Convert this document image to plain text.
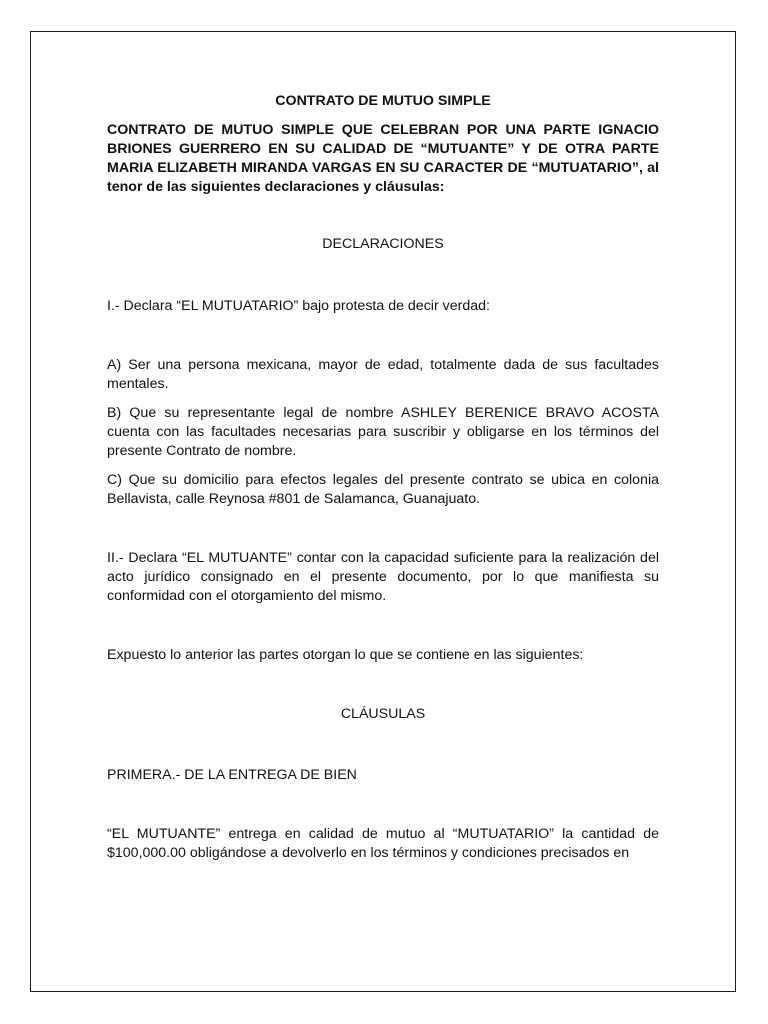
CONTRATO DE MUTUO SIMPLE

CONTRATO DE MUTUO SIMPLE QUE CELEBRAN POR UNA PARTE IGNACIO BRIONES GUERRERO EN SU CALIDAD DE “MUTUANTE” Y DE OTRA PARTE MARIA ELIZABETH MIRANDA VARGAS EN SU CARACTER DE “MUTUATARIO”, al tenor de las siguientes declaraciones y cláusulas:

DECLARACIONES

I.- Declara “EL MUTUATARIO” bajo protesta de decir verdad:

A) Ser una persona mexicana, mayor de edad, totalmente dada de sus facultades mentales.

B) Que su representante legal de nombre ASHLEY BERENICE BRAVO ACOSTA cuenta con las facultades necesarias para suscribir y obligarse en los términos del presente Contrato de nombre.

C) Que su domicilio para efectos legales del presente contrato se ubica en colonia Bellavista, calle Reynosa #801 de Salamanca, Guanajuato.

II.- Declara “EL MUTUANTE” contar con la capacidad suficiente para la realización del acto jurídico consignado en el presente documento, por lo que manifiesta su conformidad con el otorgamiento del mismo.

Expuesto lo anterior las partes otorgan lo que se contiene en las siguientes:

CLÁUSULAS

PRIMERA.- DE LA ENTREGA DE BIEN

“EL MUTUANTE” entrega en calidad de mutuo al “MUTUATARIO” la cantidad de $100,000.00 obligándose a devolverlo en los términos y condiciones precisados en
